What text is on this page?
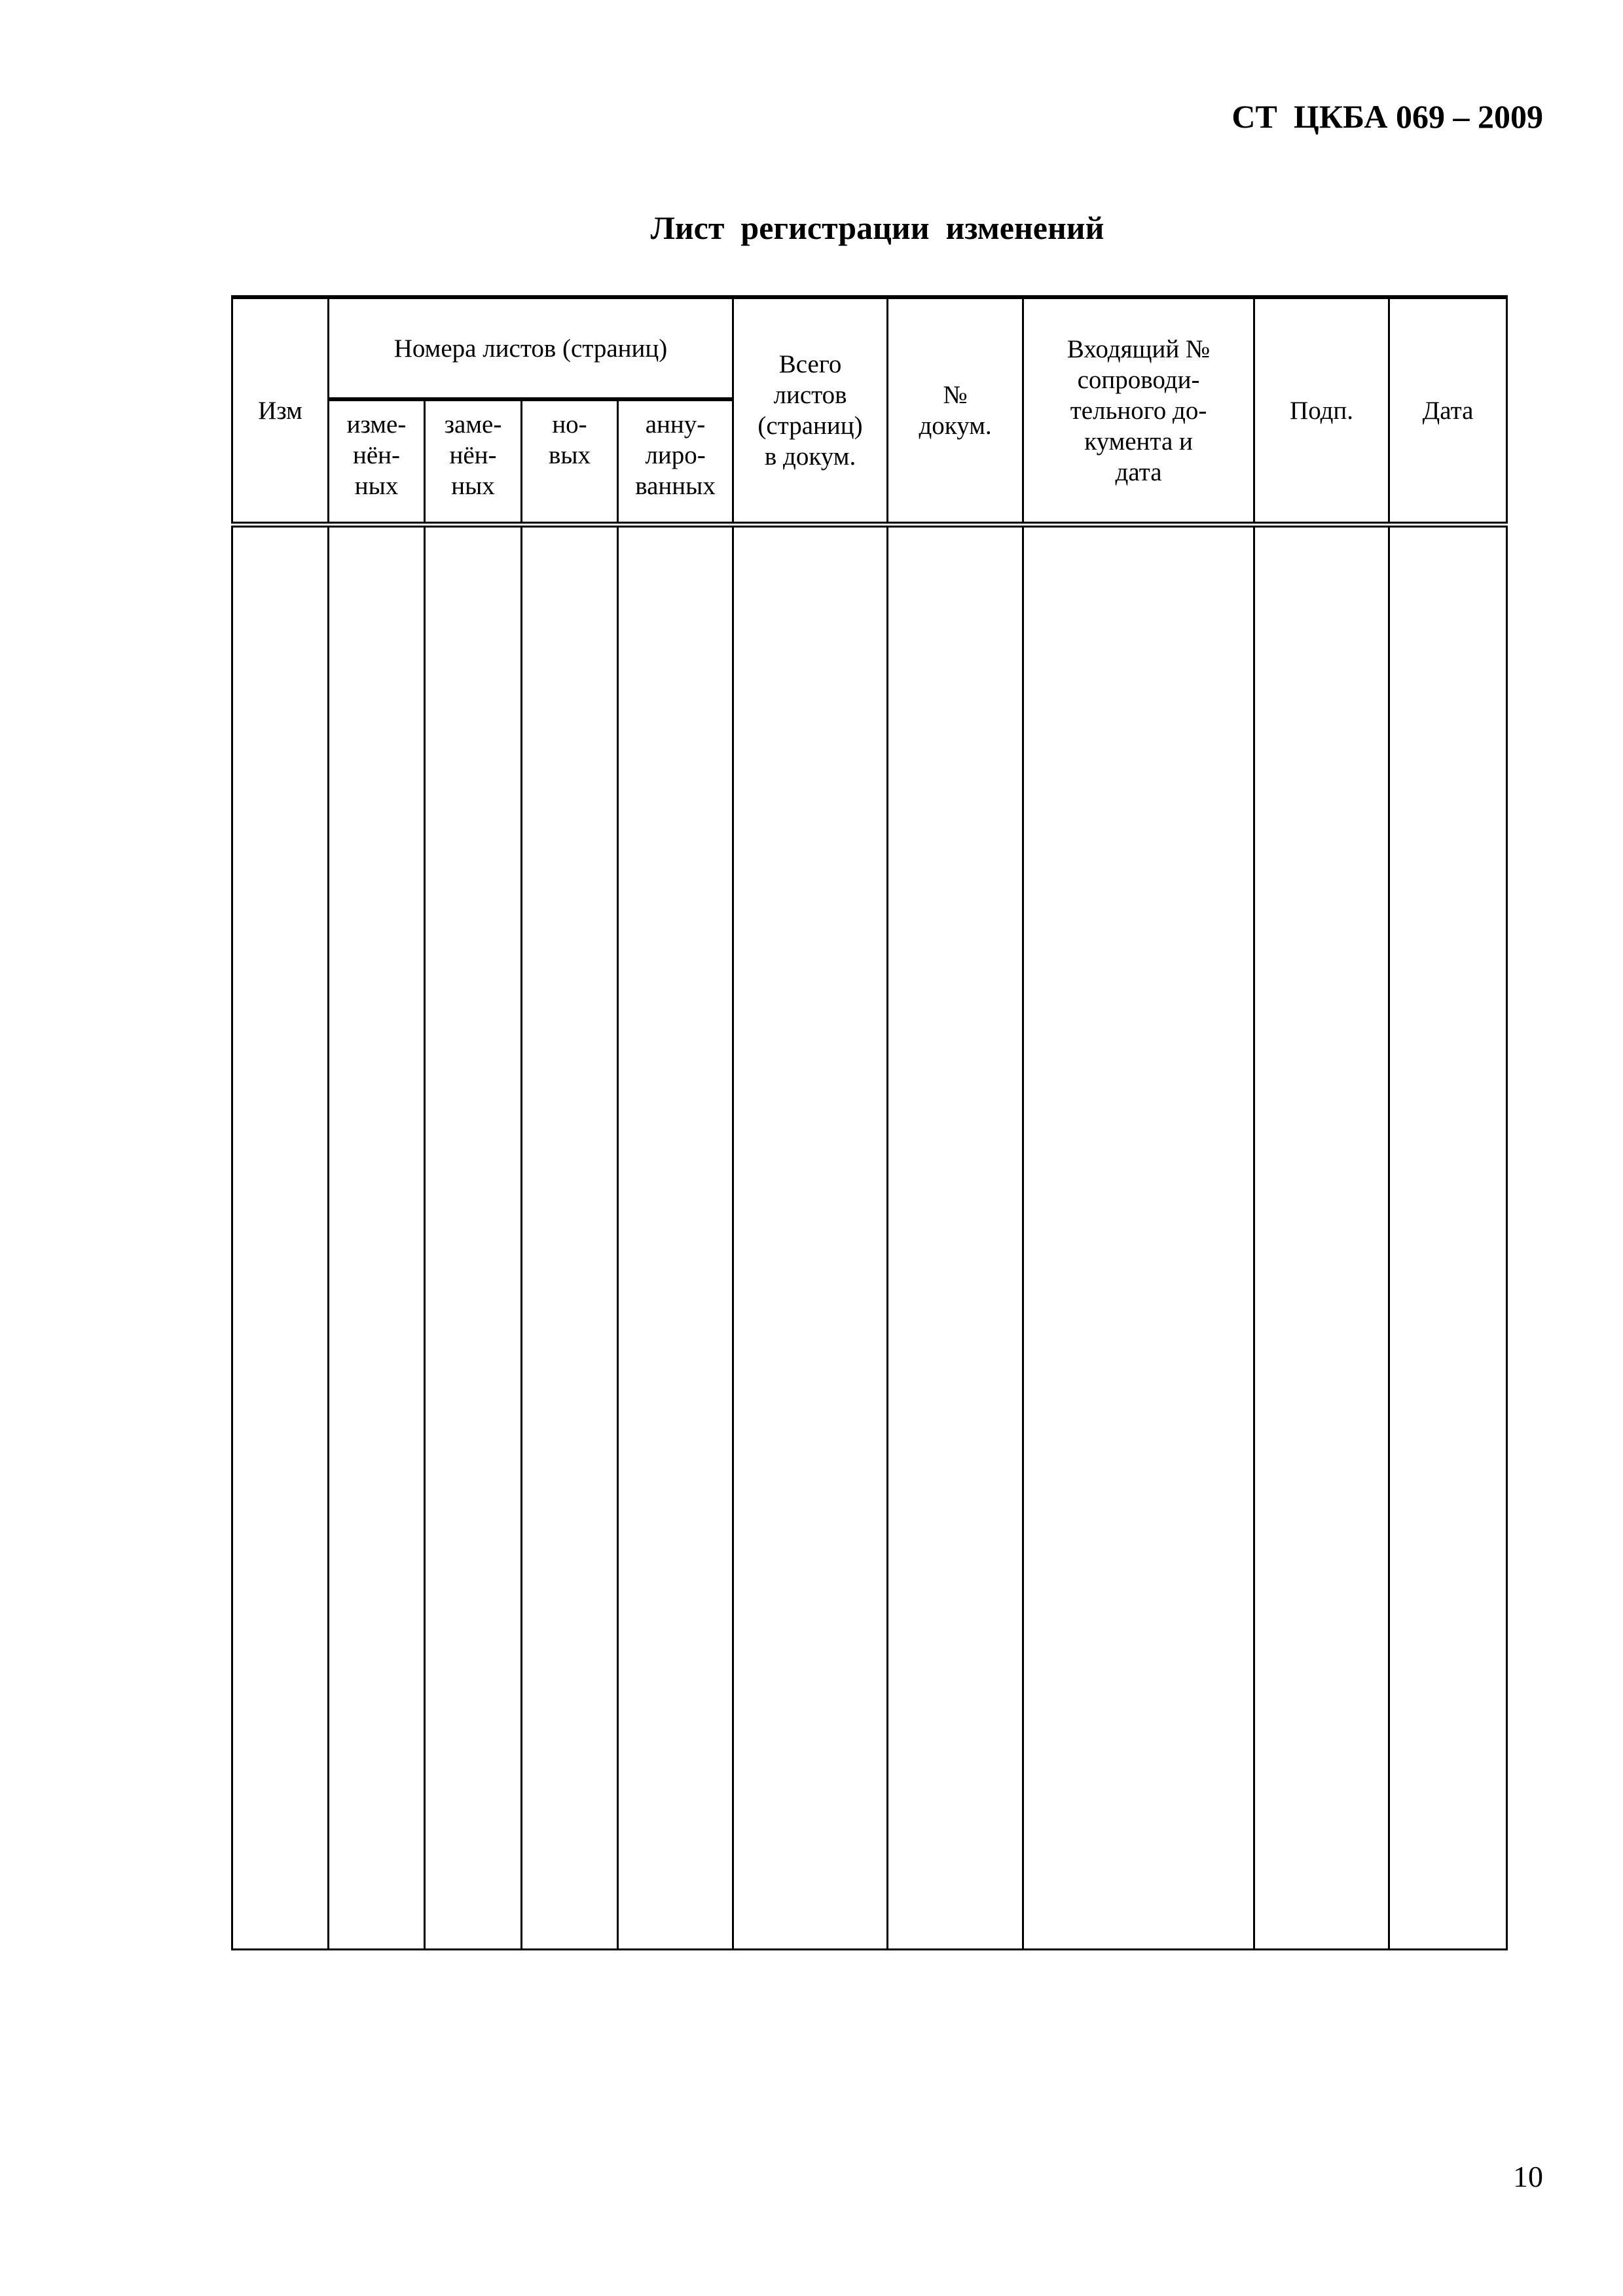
СТ  ЦКБА 069 – 2009
Лист  регистрации  изменений
Изм	Номера листов (страниц)				Всего
листов
(страниц)
в докум.	№
докум.	Входящий №
сопроводи-
тельного до-
кумента и
дата	Подп.	Дата

	изме-
нён-
ных	заме-
нён-
ных	но-
вых	анну-
лиро-
ванных					

10
